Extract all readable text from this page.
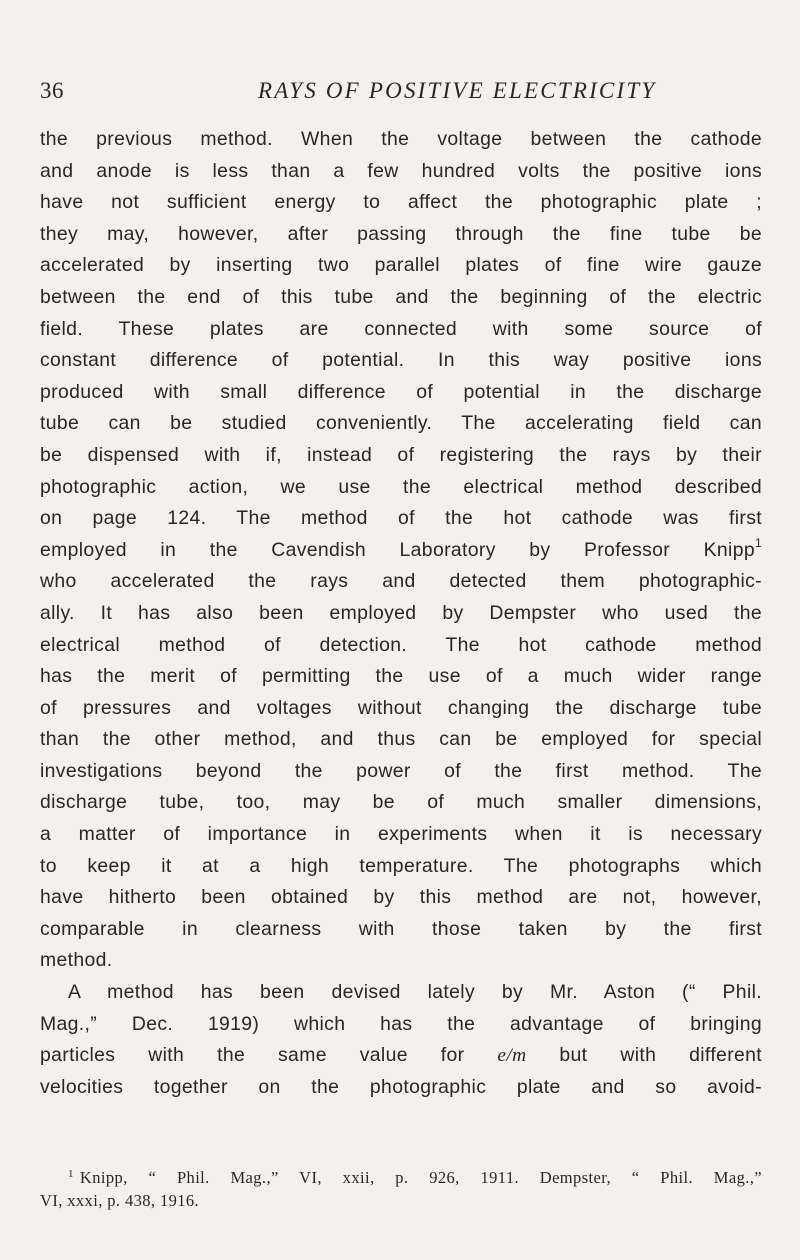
36	RAYS OF POSITIVE ELECTRICITY
the previous method. When the voltage between the cathode
and anode is less than a few hundred volts the positive ions
have not sufficient energy to affect the photographic plate ;
they may, however, after passing through the fine tube be
accelerated by inserting two parallel plates of fine wire gauze
between the end of this tube and the beginning of the electric
field. These plates are connected with some source of
constant difference of potential. In this way positive ions
produced with small difference of potential in the discharge
tube can be studied conveniently. The accelerating field can
be dispensed with if, instead of registering the rays by their
photographic action, we use the electrical method described
on page 124. The method of the hot cathode was first
employed in the Cavendish Laboratory by Professor Knipp$^1$
who accelerated the rays and detected them photographic-
ally. It has also been employed by Dempster who used the
electrical method of detection. The hot cathode method
has the merit of permitting the use of a much wider range
of pressures and voltages without changing the discharge tube
than the other method, and thus can be employed for special
investigations beyond the power of the first method. The
discharge tube, too, may be of much smaller dimensions,
a matter of importance in experiments when it is necessary
to keep it at a high temperature. The photographs which
have hitherto been obtained by this method are not, however,
comparable in clearness with those taken by the first
method.
A method has been devised lately by Mr. Aston (“ Phil.
Mag.,” Dec. 1919) which has the advantage of bringing
particles with the same value for e/m but with different
velocities together on the photographic plate and so avoid-
$^1$ Knipp, “ Phil. Mag.,” VI, xxii, p. 926, 1911. Dempster, “ Phil. Mag.,”
VI, xxxi, p. 438, 1916.
